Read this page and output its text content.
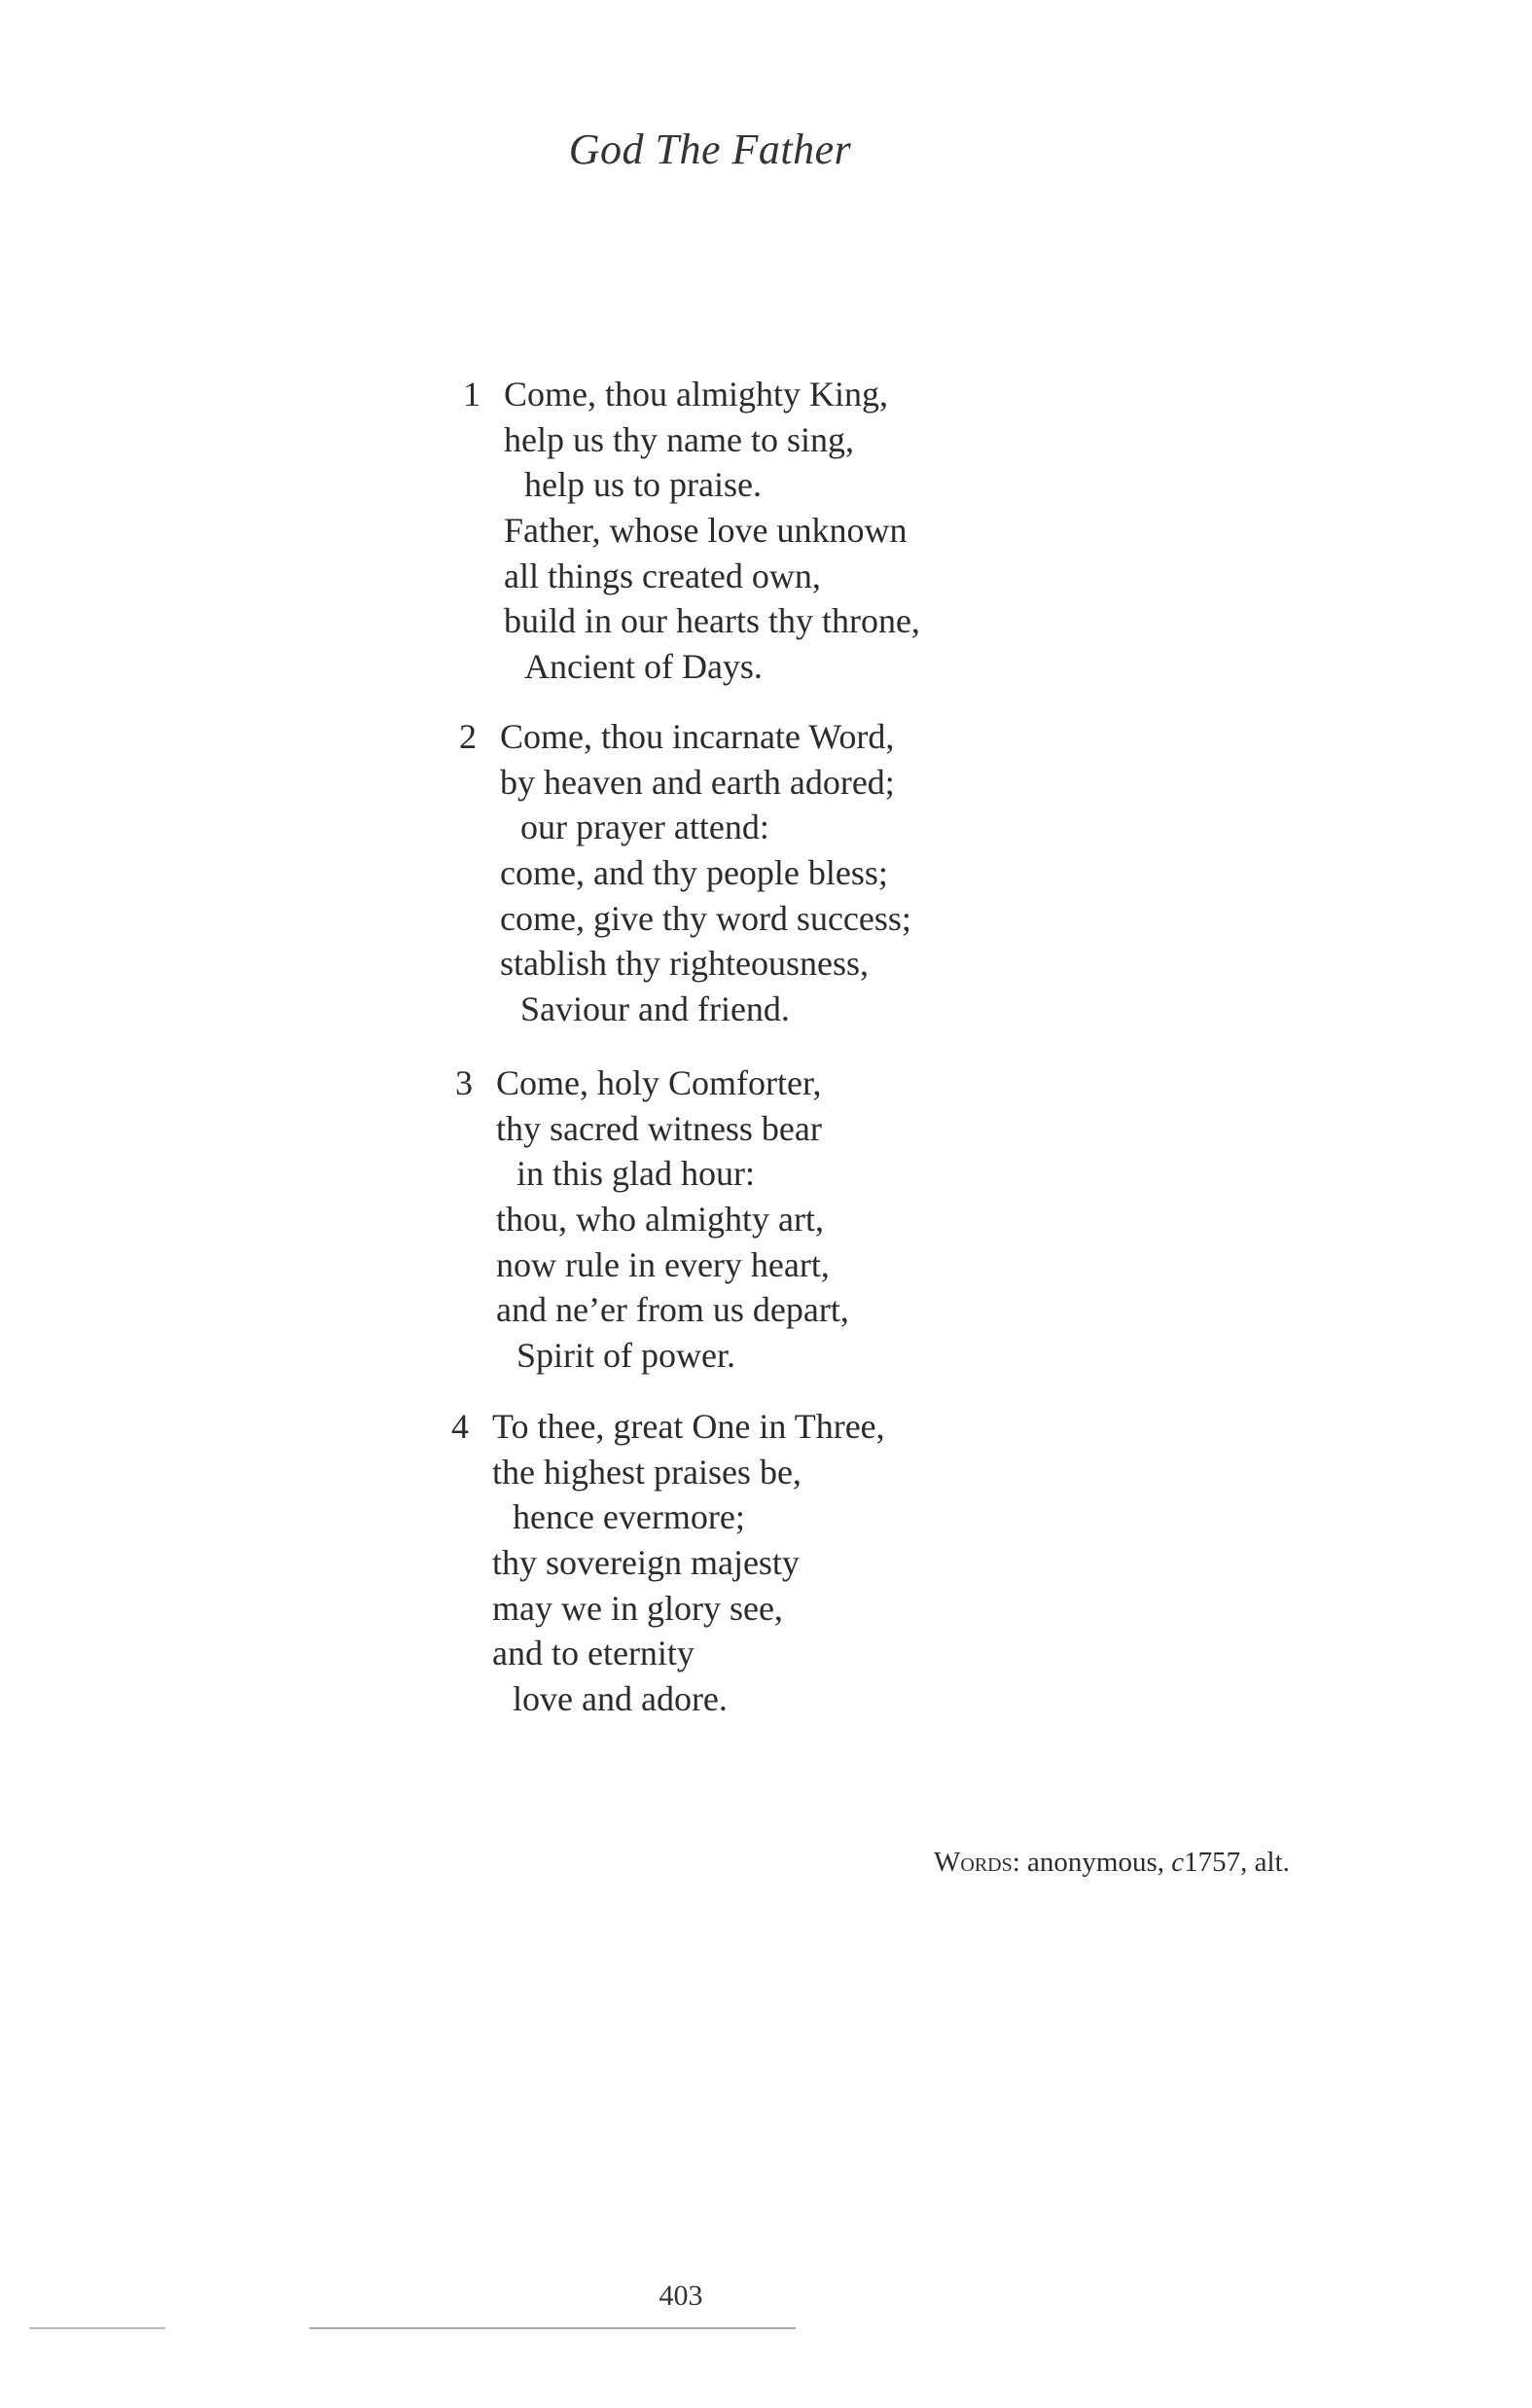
God The Father
1 Come, thou almighty King,
help us thy name to sing,
help us to praise.
Father, whose love unknown
all things created own,
build in our hearts thy throne,
Ancient of Days.
2 Come, thou incarnate Word,
by heaven and earth adored;
our prayer attend:
come, and thy people bless;
come, give thy word success;
stablish thy righteousness,
Saviour and friend.
3 Come, holy Comforter,
thy sacred witness bear
in this glad hour:
thou, who almighty art,
now rule in every heart,
and ne’er from us depart,
Spirit of power.
4 To thee, great One in Three,
the highest praises be,
hence evermore;
thy sovereign majesty
may we in glory see,
and to eternity
love and adore.
Words: anonymous, c1757, alt.
403
